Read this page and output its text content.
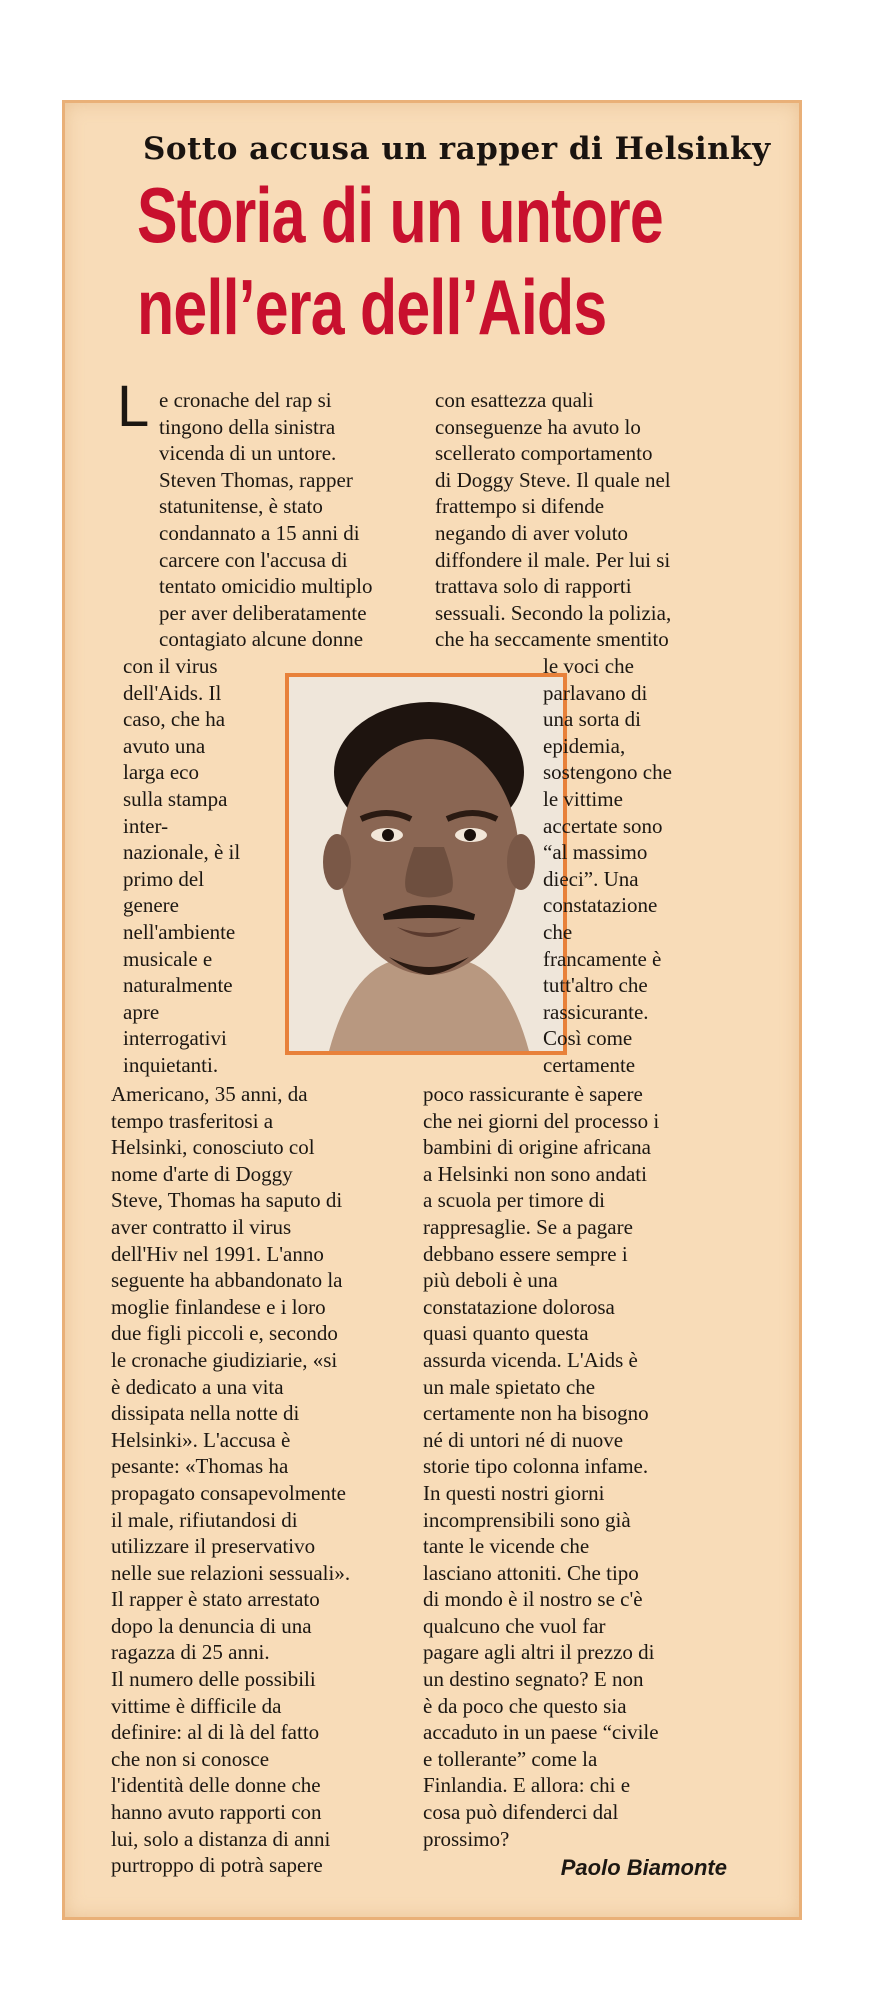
Sotto accusa un rapper di Helsinky
Storia di un untore
nell’era dell’Aids
L e cronache del rap si
tingono della sinistra
vicenda di un untore.
Steven Thomas, rapper
statunitense, è stato
condannato a 15 anni di
carcere con l'accusa di
tentato omicidio multiplo
per aver deliberatamente
contagiato alcune donne
con il virus
dell'Aids. Il
caso, che ha
avuto una
larga eco
sulla stampa
inter-
nazionale, è il
primo del
genere
nell'ambiente
musicale e
naturalmente
apre
interrogativi
inquietanti.
Americano, 35 anni, da
tempo trasferitosi a
Helsinki, conosciuto col
nome d'arte di Doggy
Steve, Thomas ha saputo di
aver contratto il virus
dell'Hiv nel 1991. L'anno
seguente ha abbandonato la
moglie finlandese e i loro
due figli piccoli e, secondo
le cronache giudiziarie, «si
è dedicato a una vita
dissipata nella notte di
Helsinki». L'accusa è
pesante: «Thomas ha
propagato consapevolmente
il male, rifiutandosi di
utilizzare il preservativo
nelle sue relazioni sessuali».
Il rapper è stato arrestato
dopo la denuncia di una
ragazza di 25 anni.
Il numero delle possibili
vittime è difficile da
definire: al di là del fatto
che non si conosce
l'identità delle donne che
hanno avuto rapporti con
lui, solo a distanza di anni
purtroppo di potrà sapere
con esattezza quali
conseguenze ha avuto lo
scellerato comportamento
di Doggy Steve. Il quale nel
frattempo si difende
negando di aver voluto
diffondere il male. Per lui si
trattava solo di rapporti
sessuali. Secondo la polizia,
che ha seccamente smentito
le voci che
parlavano di
una sorta di
epidemia,
sostengono che
le vittime
accertate sono
“al massimo
dieci”. Una
constatazione
che
francamente è
tutt'altro che
rassicurante.
Così come
certamente
poco rassicurante è sapere
che nei giorni del processo i
bambini di origine africana
a Helsinki non sono andati
a scuola per timore di
rappresaglie. Se a pagare
debbano essere sempre i
più deboli è una
constatazione dolorosa
quasi quanto questa
assurda vicenda. L'Aids è
un male spietato che
certamente non ha bisogno
né di untori né di nuove
storie tipo colonna infame.
In questi nostri giorni
incomprensibili sono già
tante le vicende che
lasciano attoniti. Che tipo
di mondo è il nostro se c'è
qualcuno che vuol far
pagare agli altri il prezzo di
un destino segnato? E non
è da poco che questo sia
accaduto in un paese “civile
e tollerante” come la
Finlandia. E allora: chi e
cosa può difenderci dal
prossimo?
Paolo Biamonte
